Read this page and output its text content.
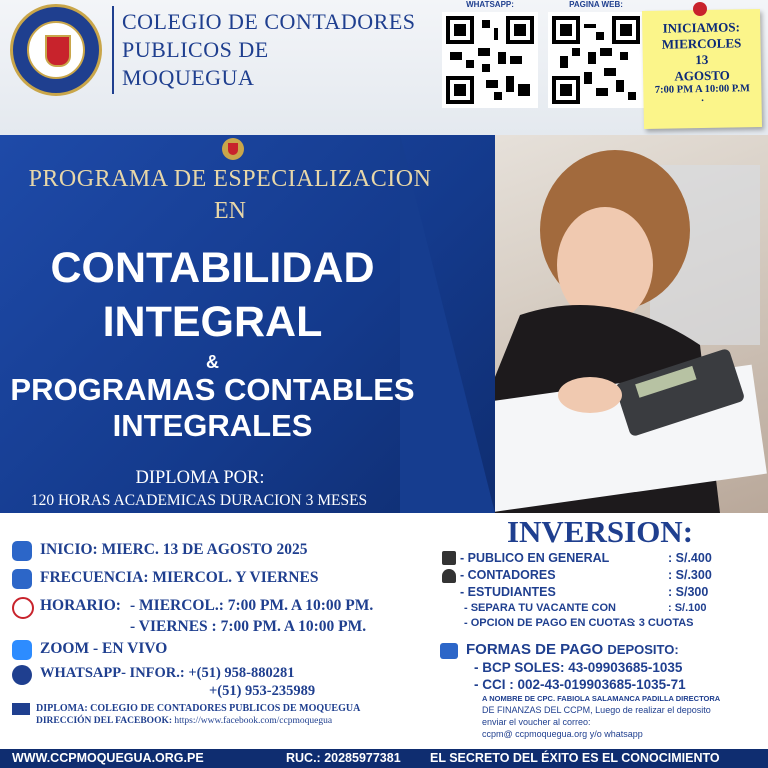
COLEGIO DE CONTADORES
PUBLICOS DE
MOQUEGUA
WHATSAPP:	PAGINA WEB:
INICIAMOS:
MIERCOLES
13
AGOSTO
7:00 PM A 10:00 P.M
.
PROGRAMA DE ESPECIALIZACION
EN
CONTABILIDAD
INTEGRAL
&
PROGRAMAS CONTABLES
INTEGRALES
DIPLOMA POR:
120 HORAS ACADEMICAS DURACION 3 MESES
INICIO: MIERC. 13 DE AGOSTO 2025
FRECUENCIA: MIERCOL. Y VIERNES
HORARIO: - MIERCOL.: 7:00 PM. A 10:00 PM.
- VIERNES : 7:00 PM. A 10:00 PM.
ZOOM - EN VIVO
WHATSAPP- INFOR.: +(51) 958-880281
+(51) 953-235989
DIPLOMA: COLEGIO DE CONTADORES PUBLICOS DE MOQUEGUA
DIRECCIÓN DEL FACEBOOK: https://www.facebook.com/ccpmoquegua
INVERSION:
- PUBLICO EN GENERAL	: S/.400
- CONTADORES	: S/.300
- ESTUDIANTES	: S/300
- SEPARA TU VACANTE CON	: S/.100
- OPCION DE PAGO EN CUOTAS
: 3 CUOTAS
FORMAS DE PAGO DEPOSITO:
- BCP SOLES: 43-09903685-1035
- CCI : 002-43-019903685-1035-71
A NOMBRE DE CPC. FABIOLA SALAMANCA PADILLA DIRECTORA
DE FINANZAS DEL CCPM, Luego de realizar el deposito
enviar el voucher al correo:
ccpm@ ccpmoquegua.org y/o whatsapp
WWW.CCPMOQUEGUA.ORG.PE	RUC.: 20285977381 EL SECRETO DEL ÉXITO ES EL CONOCIMIENTO
